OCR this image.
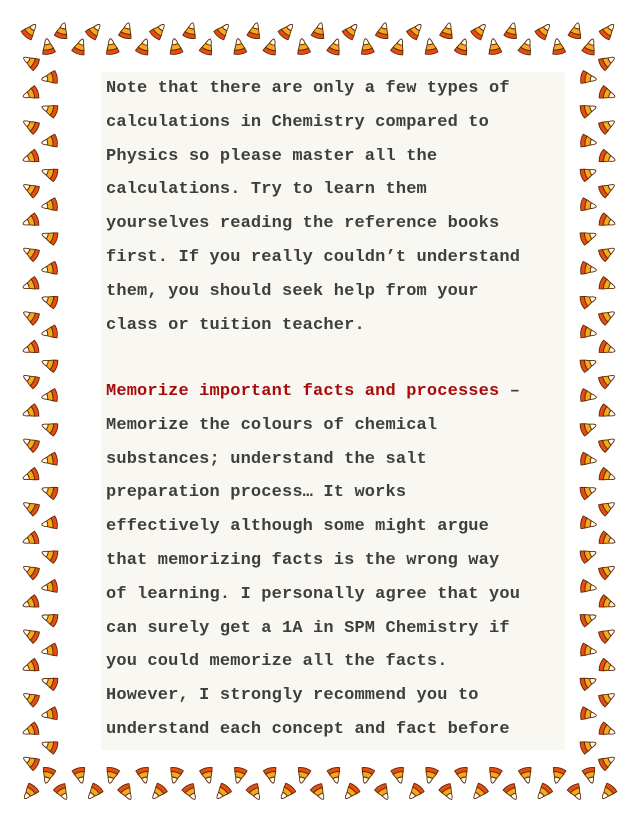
Note that there are only a few types of
calculations in Chemistry compared to
Physics so please master all the
calculations. Try to learn them
yourselves reading the reference books
first. If you really couldn’t understand
them, you should seek help from your
class or tuition teacher.

Memorize important facts and processes –
Memorize the colours of chemical
substances; understand the salt
preparation process… It works
effectively although some might argue
that memorizing facts is the wrong way
of learning. I personally agree that you
can surely get a 1A in SPM Chemistry if
you could memorize all the facts.
However, I strongly recommend you to
understand each concept and fact before
